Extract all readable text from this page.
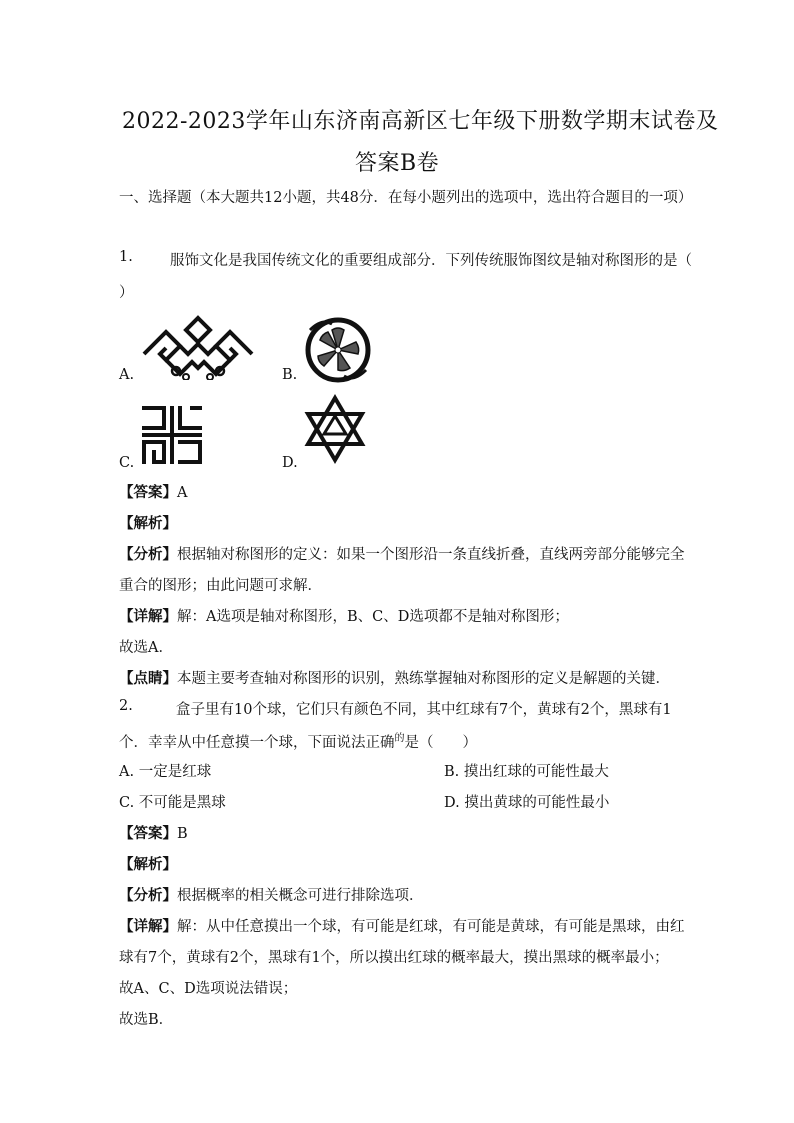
2022-2023学年山东济南高新区七年级下册数学期末试卷及
答案B卷
一、选择题（本大题共12小题，共48分．在每小题列出的选项中，选出符合题目的一项）
1.	服饰文化是我国传统文化的重要组成部分．下列传统服饰图纹是轴对称图形的是（
）
A.	B.
C.	D.
【答案】A
【解析】
【分析】根据轴对称图形的定义：如果一个图形沿一条直线折叠，直线两旁部分能够完全
重合的图形；由此问题可求解．
【详解】解：A选项是轴对称图形，B、C、D选项都不是轴对称图形；
故选A．
【点睛】本题主要考查轴对称图形的识别，熟练掌握轴对称图形的定义是解题的关键．
2.	盒子里有10个球，它们只有颜色不同，其中红球有7个，黄球有2个，黑球有1
个．幸幸从中任意摸一个球，下面说法正确$^的$是（　　）
A. 一定是红球	B. 摸出红球的可能性最大
C. 不可能是黑球	D. 摸出黄球的可能性最小
【答案】B
【解析】
【分析】根据概率的相关概念可进行排除选项．
【详解】解：从中任意摸出一个球，有可能是红球，有可能是黄球，有可能是黑球，由红
球有7个，黄球有2个，黑球有1个，所以摸出红球的概率最大，摸出黑球的概率最小；
故A、C、D选项说法错误；
故选B．
